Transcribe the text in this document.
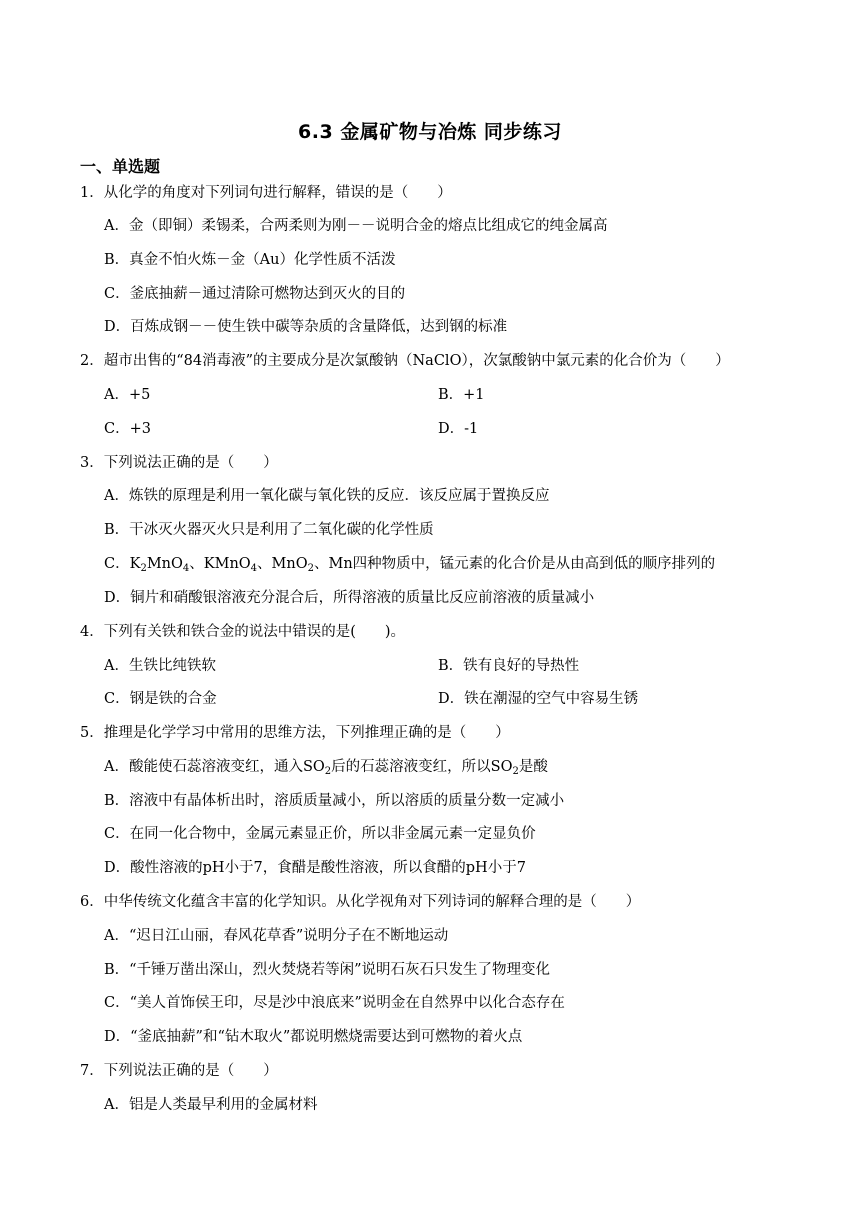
6.3 金属矿物与冶炼 同步练习
一、单选题
1．从化学的角度对下列词句进行解释，错误的是（　　）
A．金（即铜）柔锡柔，合两柔则为刚－－说明合金的熔点比组成它的纯金属高
B．真金不怕火炼－金（Au）化学性质不活泼
C．釜底抽薪－通过清除可燃物达到灭火的目的
D．百炼成钢－－使生铁中碳等杂质的含量降低，达到钢的标准
2．超市出售的“84消毒液”的主要成分是次氯酸钠（NaClO），次氯酸钠中氯元素的化合价为（　　）
A．+5	B．+1
C．+3	D．-1
3．下列说法正确的是（　　）
A．炼铁的原理是利用一氧化碳与氧化铁的反应．该反应属于置换反应
B．干冰灭火器灭火只是利用了二氧化碳的化学性质
C．$K_2MnO_4$、KMnO$_4$、MnO$_2$、Mn四种物质中，锰元素的化合价是从由高到低的顺序排列的
D．铜片和硝酸银溶液充分混合后，所得溶液的质量比反应前溶液的质量减小
4．下列有关铁和铁合金的说法中错误的是(　　)。
A．生铁比纯铁软	B．铁有良好的导热性
C．钢是铁的合金	D．铁在潮湿的空气中容易生锈
5．推理是化学学习中常用的思维方法，下列推理正确的是（　　）
A．酸能使石蕊溶液变红，通入$SO_2$后的石蕊溶液变红，所以$SO_2$是酸
B．溶液中有晶体析出时，溶质质量减小，所以溶质的质量分数一定减小
C．在同一化合物中，金属元素显正价，所以非金属元素一定显负价
D．酸性溶液的pH小于7，食醋是酸性溶液，所以食醋的pH小于7
6．中华传统文化蕴含丰富的化学知识。从化学视角对下列诗词的解释合理的是（　　）
A．“迟日江山丽，春风花草香”说明分子在不断地运动
B．“千锤万凿出深山，烈火焚烧若等闲”说明石灰石只发生了物理变化
C．“美人首饰侯王印，尽是沙中浪底来”说明金在自然界中以化合态存在
D．“釜底抽薪”和“钻木取火”都说明燃烧需要达到可燃物的着火点
7．下列说法正确的是（　　）
A．铝是人类最早利用的金属材料
